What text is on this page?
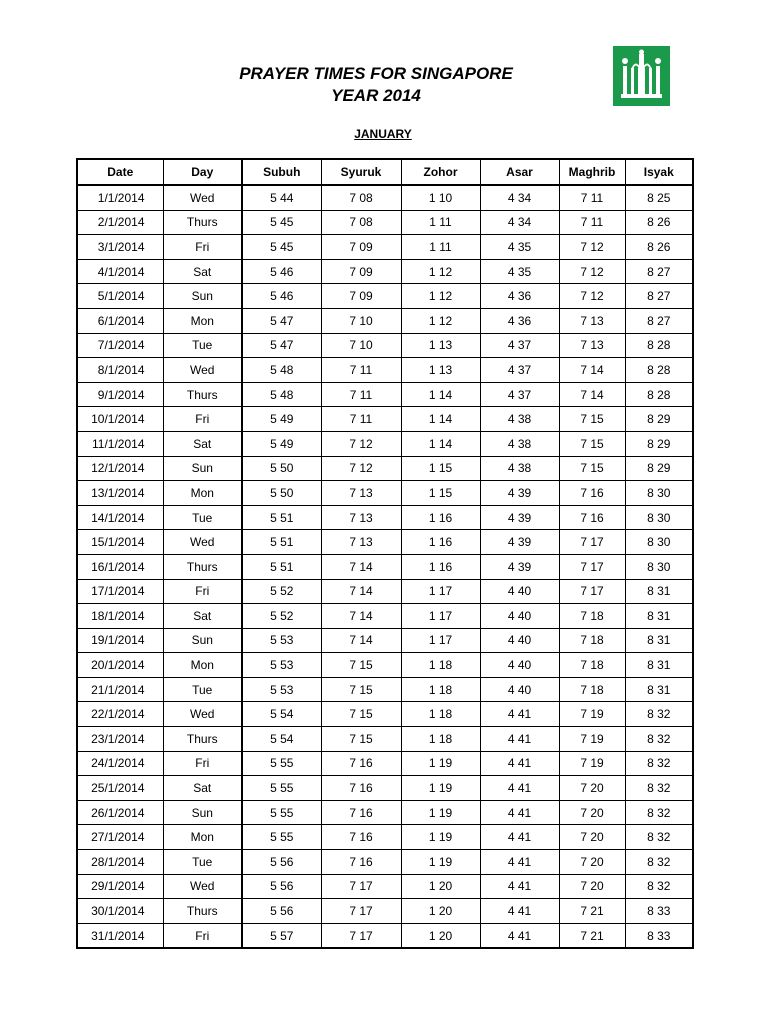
PRAYER TIMES FOR SINGAPORE
YEAR 2014
JANUARY
Date	Day	Subuh	Syuruk	Zohor	Asar	Maghrib	Isyak
1/1/2014	Wed	5 44	7 08	1 10	4 34	7 11	8 25
2/1/2014	Thurs	5 45	7 08	1 11	4 34	7 11	8 26
3/1/2014	Fri	5 45	7 09	1 11	4 35	7 12	8 26
4/1/2014	Sat	5 46	7 09	1 12	4 35	7 12	8 27
5/1/2014	Sun	5 46	7 09	1 12	4 36	7 12	8 27
6/1/2014	Mon	5 47	7 10	1 12	4 36	7 13	8 27
7/1/2014	Tue	5 47	7 10	1 13	4 37	7 13	8 28
8/1/2014	Wed	5 48	7 11	1 13	4 37	7 14	8 28
9/1/2014	Thurs	5 48	7 11	1 14	4 37	7 14	8 28
10/1/2014	Fri	5 49	7 11	1 14	4 38	7 15	8 29
11/1/2014	Sat	5 49	7 12	1 14	4 38	7 15	8 29
12/1/2014	Sun	5 50	7 12	1 15	4 38	7 15	8 29
13/1/2014	Mon	5 50	7 13	1 15	4 39	7 16	8 30
14/1/2014	Tue	5 51	7 13	1 16	4 39	7 16	8 30
15/1/2014	Wed	5 51	7 13	1 16	4 39	7 17	8 30
16/1/2014	Thurs	5 51	7 14	1 16	4 39	7 17	8 30
17/1/2014	Fri	5 52	7 14	1 17	4 40	7 17	8 31
18/1/2014	Sat	5 52	7 14	1 17	4 40	7 18	8 31
19/1/2014	Sun	5 53	7 14	1 17	4 40	7 18	8 31
20/1/2014	Mon	5 53	7 15	1 18	4 40	7 18	8 31
21/1/2014	Tue	5 53	7 15	1 18	4 40	7 18	8 31
22/1/2014	Wed	5 54	7 15	1 18	4 41	7 19	8 32
23/1/2014	Thurs	5 54	7 15	1 18	4 41	7 19	8 32
24/1/2014	Fri	5 55	7 16	1 19	4 41	7 19	8 32
25/1/2014	Sat	5 55	7 16	1 19	4 41	7 20	8 32
26/1/2014	Sun	5 55	7 16	1 19	4 41	7 20	8 32
27/1/2014	Mon	5 55	7 16	1 19	4 41	7 20	8 32
28/1/2014	Tue	5 56	7 16	1 19	4 41	7 20	8 32
29/1/2014	Wed	5 56	7 17	1 20	4 41	7 20	8 32
30/1/2014	Thurs	5 56	7 17	1 20	4 41	7 21	8 33
31/1/2014	Fri	5 57	7 17	1 20	4 41	7 21	8 33
